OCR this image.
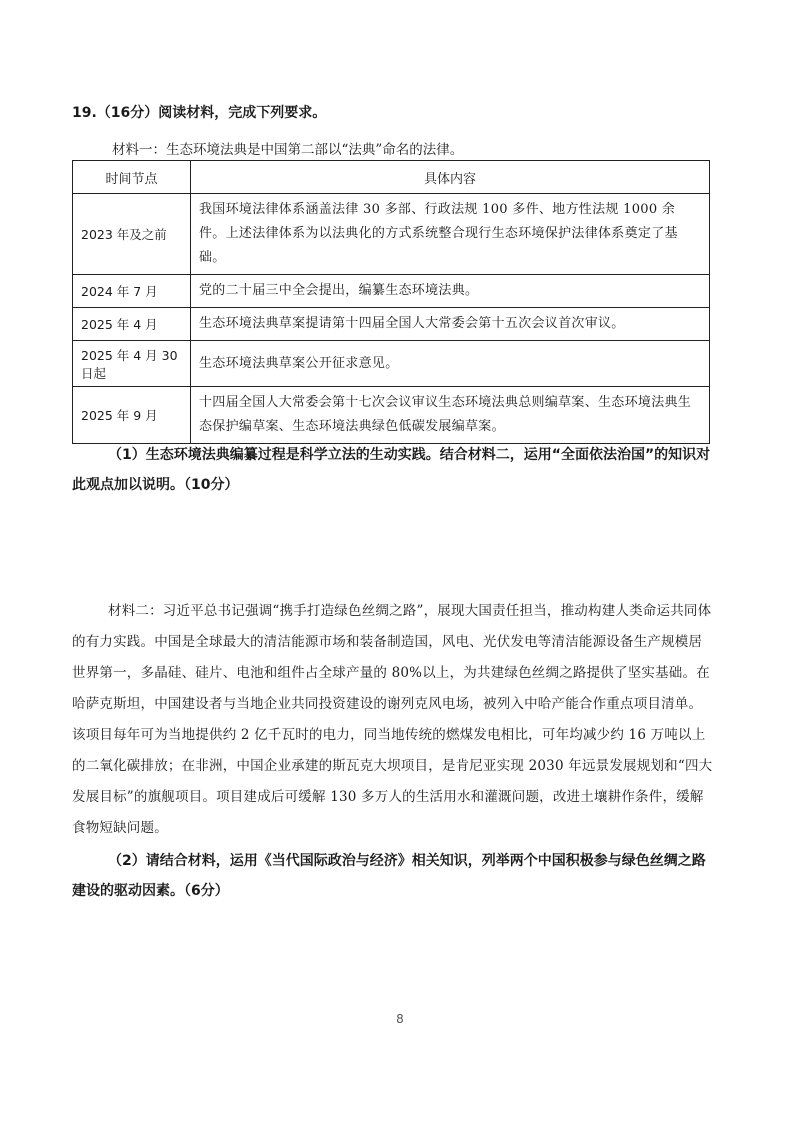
19.（16分）阅读材料，完成下列要求。
材料一：生态环境法典是中国第二部以“法典”命名的法律。
时间节点	具体内容
2023 年及之前	我国环境法律体系涵盖法律 30 多部、行政法规 100 多件、地方性法规 1000 余件。上述法律体系为以法典化的方式系统整合现行生态环境保护法律体系奠定了基础。
2024 年 7 月	党的二十届三中全会提出，编纂生态环境法典。
2025 年 4 月	生态环境法典草案提请第十四届全国人大常委会第十五次会议首次审议。
2025 年 4 月 30 日起	生态环境法典草案公开征求意见。
2025 年 9 月	十四届全国人大常委会第十七次会议审议生态环境法典总则编草案、生态环境法典生态保护编草案、生态环境法典绿色低碳发展编草案。
（1）生态环境法典编纂过程是科学立法的生动实践。结合材料二，运用“全面依法治国”的知识对此观点加以说明。（10分）
材料二：习近平总书记强调“携手打造绿色丝绸之路”，展现大国责任担当，推动构建人类命运共同体的有力实践。中国是全球最大的清洁能源市场和装备制造国，风电、光伏发电等清洁能源设备生产规模居世界第一，多晶硅、硅片、电池和组件占全球产量的 80%以上，为共建绿色丝绸之路提供了坚实基础。在哈萨克斯坦，中国建设者与当地企业共同投资建设的谢列克风电场，被列入中哈产能合作重点项目清单。该项目每年可为当地提供约 2 亿千瓦时的电力，同当地传统的燃煤发电相比，可年均减少约 16 万吨以上的二氧化碳排放；在非洲，中国企业承建的斯瓦克大坝项目，是肯尼亚实现 2030 年远景发展规划和“四大发展目标”的旗舰项目。项目建成后可缓解 130 多万人的生活用水和灌溉问题，改进土壤耕作条件，缓解食物短缺问题。
（2）请结合材料，运用《当代国际政治与经济》相关知识，列举两个中国积极参与绿色丝绸之路建设的驱动因素。（6分）
8
